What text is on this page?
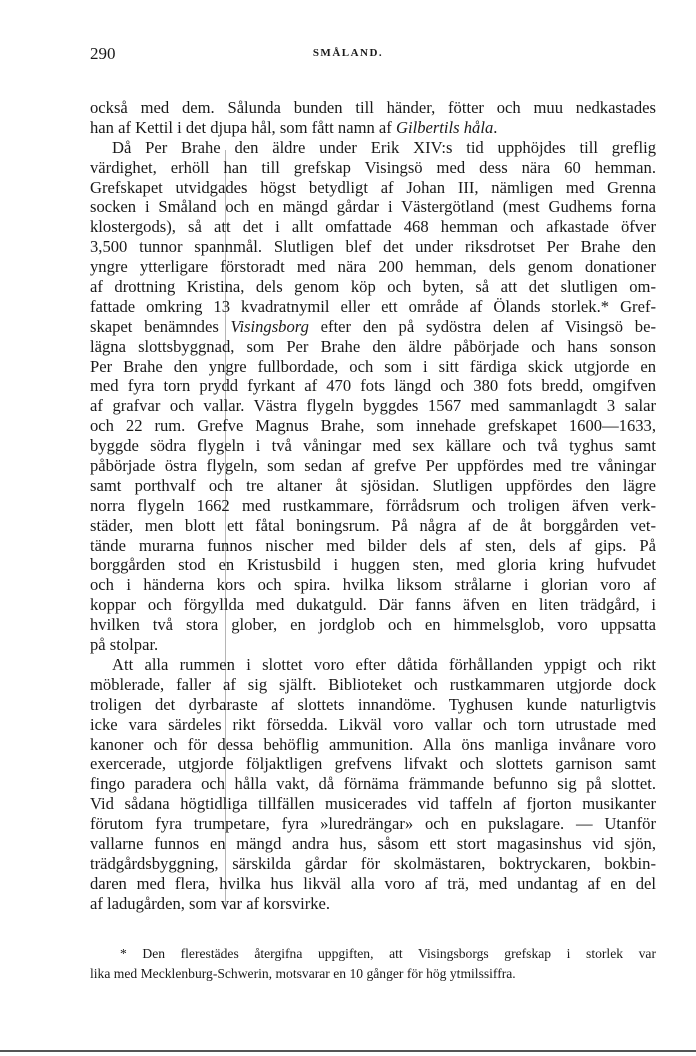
290	SMÅLAND.
också med dem. Sålunda bunden till händer, fötter och muu nedkastades
han af Kettil i det djupa hål, som fått namn af Gilbertils håla.
Då Per Brahe den äldre under Erik XIV:s tid upphöjdes till greflig
värdighet, erhöll han till grefskap Visingsö med dess nära 60 hemman.
Grefskapet utvidgades högst betydligt af Johan III, nämligen med Grenna
socken i Småland och en mängd gårdar i Västergötland (mest Gudhems forna
klostergods), så att det i allt omfattade 468 hemman och afkastade öfver
3,500 tunnor spannmål. Slutligen blef det under riksdrotset Per Brahe den
yngre ytterligare förstoradt med nära 200 hemman, dels genom donationer
af drottning Kristina, dels genom köp och byten, så att det slutligen om-
fattade omkring 13 kvadratnymil eller ett område af Ölands storlek.* Gref-
skapet benämndes Visingsborg efter den på sydöstra delen af Visingsö be-
lägna slottsbyggnad, som Per Brahe den äldre påbörjade och hans sonson
Per Brahe den yngre fullbordade, och som i sitt färdiga skick utgjorde en
med fyra torn prydd fyrkant af 470 fots längd och 380 fots bredd, omgifven
af grafvar och vallar. Västra flygeln byggdes 1567 med sammanlagdt 3 salar
och 22 rum. Grefve Magnus Brahe, som innehade grefskapet 1600—1633,
byggde södra flygeln i två våningar med sex källare och två tyghus samt
påbörjade östra flygeln, som sedan af grefve Per uppfördes med tre våningar
samt porthvalf och tre altaner åt sjösidan. Slutligen uppfördes den lägre
norra flygeln 1662 med rustkammare, förrådsrum och troligen äfven verk-
städer, men blott ett fåtal boningsrum. På några af de åt borggården vet-
tände murarna funnos nischer med bilder dels af sten, dels af gips. På
borggården stod en Kristusbild i huggen sten, med gloria kring hufvudet
och i händerna kors och spira. hvilka liksom strålarne i glorian voro af
koppar och förgyllda med dukatguld. Där fanns äfven en liten trädgård, i
hvilken två stora glober, en jordglob och en himmelsglob, voro uppsatta
på stolpar.
Att alla rummen i slottet voro efter dåtida förhållanden yppigt och rikt
möblerade, faller af sig själft. Biblioteket och rustkammaren utgjorde dock
troligen det dyrbaraste af slottets innandöme. Tyghusen kunde naturligtvis
icke vara särdeles rikt försedda. Likväl voro vallar och torn utrustade med
kanoner och för dessa behöflig ammunition. Alla öns manliga invånare voro
exercerade, utgjorde följaktligen grefvens lifvakt och slottets garnison samt
fingo paradera och hålla vakt, då förnäma främmande befunno sig på slottet.
Vid sådana högtidliga tillfällen musicerades vid taffeln af fjorton musikanter
förutom fyra trumpetare, fyra »luredrängar» och en pukslagare. — Utanför
vallarne funnos en mängd andra hus, såsom ett stort magasinshus vid sjön,
trädgårdsbyggning, särskilda gårdar för skolmästaren, boktryckaren, bokbin-
daren med flera, hvilka hus likväl alla voro af trä, med undantag af en del
af ladugården, som var af korsvirke.
* Den flerestädes återgifna uppgiften, att Visingsborgs grefskap i storlek var
lika med Mecklenburg-Schwerin, motsvarar en 10 gånger för hög ytmilssiffra.
